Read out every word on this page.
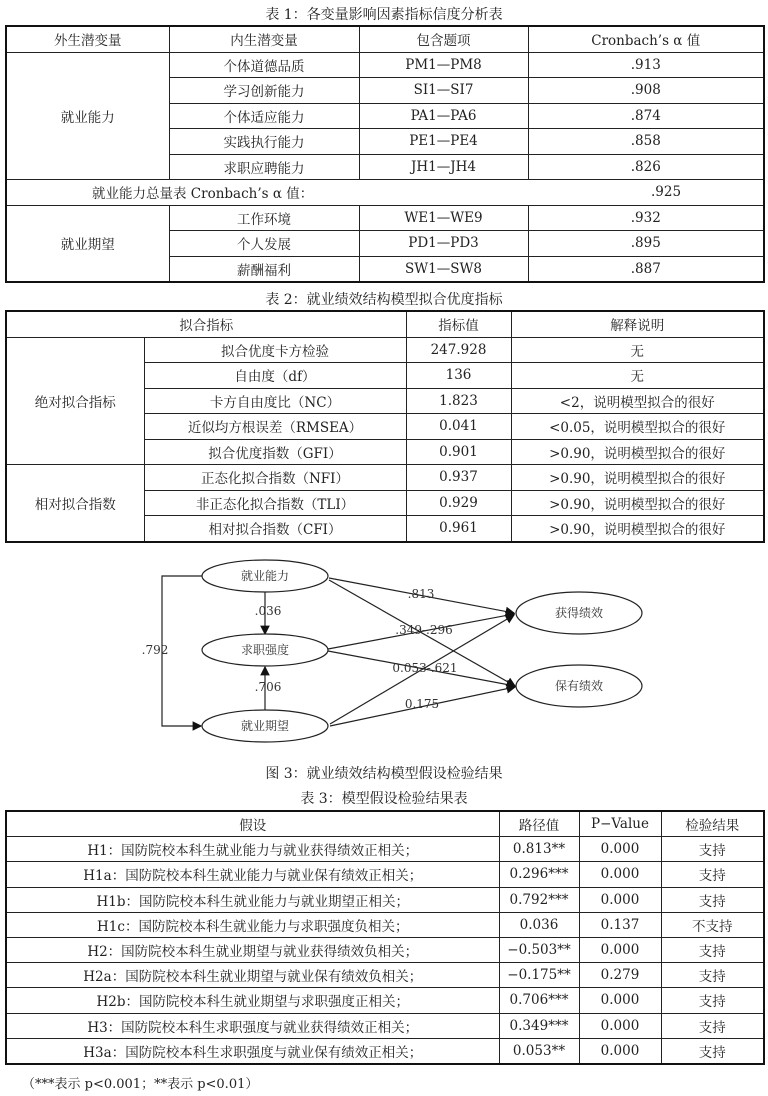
表 1：各变量影响因素指标信度分析表
外生潜变量	内生潜变量	包含题项	Cronbach’s α 值
就业能力	个体道德品质	PM1—PM8	.913
	学习创新能力	SI1—SI7	.908
	个体适应能力	PA1—PA6	.874
	实践执行能力	PE1—PE4	.858
	求职应聘能力	JH1—JH4	.826
就业能力总量表 Cronbach’s α 值：			.925
就业期望	工作环境	WE1—WE9	.932
	个人发展	PD1—PD3	.895
	薪酬福利	SW1—SW8	.887
表 2：就业绩效结构模型拟合优度指标
拟合指标		指标值	解释说明
绝对拟合指标	拟合优度卡方检验	247.928	无
	自由度（df）	136	无
	卡方自由度比（NC）	1.823	<2，说明模型拟合的很好
	近似均方根误差（RMSEA）	0.041	<0.05，说明模型拟合的很好
	拟合优度指数（GFI）	0.901	>0.90，说明模型拟合的很好
相对拟合指数	正态化拟合指数（NFI）	0.937	>0.90，说明模型拟合的很好
	非正态化拟合指数（TLI）	0.929	>0.90，说明模型拟合的很好
	相对拟合指数（CFI）	0.961	>0.90，说明模型拟合的很好
就业能力
求职强度
就业期望
获得绩效
保有绩效
.813
.036
.792
.706
.349-.296
0.053-.621
0.175
图 3：就业绩效结构模型假设检验结果
表 3：模型假设检验结果表
假设	路径值	P−Value	检验结果
H1：国防院校本科生就业能力与就业获得绩效正相关；	0.813**	0.000	支持
H1a：国防院校本科生就业能力与就业保有绩效正相关；	0.296***	0.000	支持
H1b：国防院校本科生就业能力与就业期望正相关；	0.792***	0.000	支持
H1c：国防院校本科生就业能力与求职强度负相关；	0.036	0.137	不支持
H2：国防院校本科生就业期望与就业获得绩效负相关；	−0.503**	0.000	支持
H2a：国防院校本科生就业期望与就业保有绩效负相关；	−0.175**	0.279	支持
H2b：国防院校本科生就业期望与求职强度正相关；	0.706***	0.000	支持
H3：国防院校本科生求职强度与就业获得绩效正相关；	0.349***	0.000	支持
H3a：国防院校本科生求职强度与就业保有绩效正相关；	0.053**	0.000	支持
（***表示 p<0.001；**表示 p<0.01）
